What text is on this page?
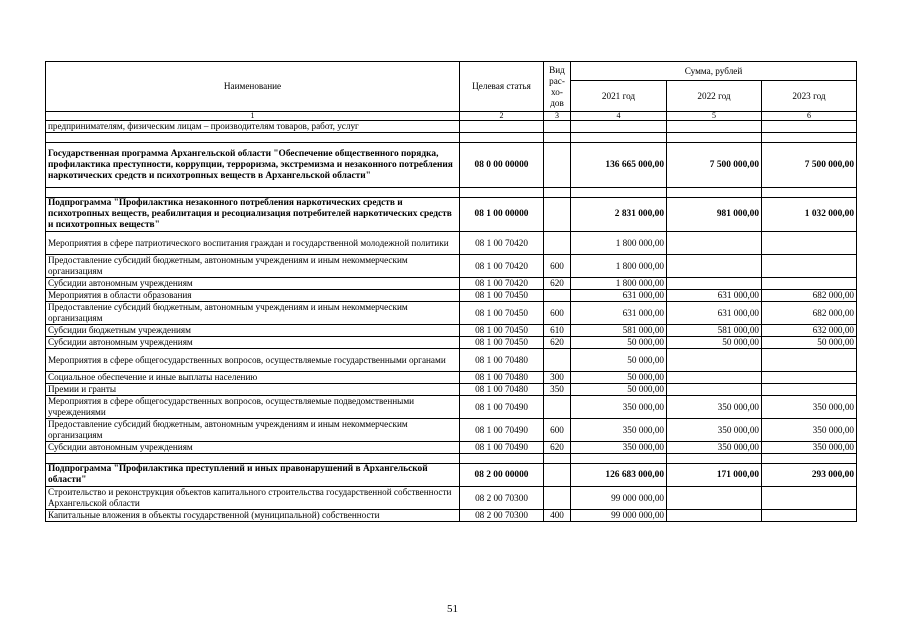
Наименование	Целевая статья	Вид рас-хо-дов	Сумма, рублей		
			2021 год	2022 год	2023 год
1	2	3	4	5	6
предпринимателям, физическим лицам – производителям товаров, работ, услуг					

Государственная программа Архангельской области "Обеспечение общественного порядка, профилактика преступности, коррупции, терроризма, экстремизма и незаконного потребления наркотических средств и психотропных веществ в Архангельской области"	08 0 00 00000		136 665 000,00	7 500 000,00	7 500 000,00

Подпрограмма "Профилактика незаконного потребления наркотических средств и психотропных веществ, реабилитация и ресоциализация потребителей наркотических средств и психотропных веществ"	08 1 00 00000		2 831 000,00	981 000,00	1 032 000,00
Мероприятия в сфере патриотического воспитания граждан и государственной молодежной политики	08 1 00 70420		1 800 000,00		
Предоставление субсидий бюджетным, автономным учреждениям и иным некоммерческим организациям	08 1 00 70420	600	1 800 000,00		
Субсидии автономным учреждениям	08 1 00 70420	620	1 800 000,00		
Мероприятия в области образования	08 1 00 70450		631 000,00	631 000,00	682 000,00
Предоставление субсидий бюджетным, автономным учреждениям и иным некоммерческим организациям	08 1 00 70450	600	631 000,00	631 000,00	682 000,00
Субсидии бюджетным учреждениям	08 1 00 70450	610	581 000,00	581 000,00	632 000,00
Субсидии автономным учреждениям	08 1 00 70450	620	50 000,00	50 000,00	50 000,00
Мероприятия в сфере общегосударственных вопросов, осуществляемые государственными органами	08 1 00 70480		50 000,00		
Социальное обеспечение и иные выплаты населению	08 1 00 70480	300	50 000,00		
Премии и гранты	08 1 00 70480	350	50 000,00		
Мероприятия в сфере общегосударственных вопросов, осуществляемые подведомственными учреждениями	08 1 00 70490		350 000,00	350 000,00	350 000,00
Предоставление субсидий бюджетным, автономным учреждениям и иным некоммерческим организациям	08 1 00 70490	600	350 000,00	350 000,00	350 000,00
Субсидии автономным учреждениям	08 1 00 70490	620	350 000,00	350 000,00	350 000,00

Подпрограмма "Профилактика преступлений и иных правонарушений в Архангельской области"	08 2 00 00000		126 683 000,00	171 000,00	293 000,00
Строительство и реконструкция объектов капитального строительства государственной собственности Архангельской области	08 2 00 70300		99 000 000,00		
Капитальные вложения в объекты государственной (муниципальной) собственности	08 2 00 70300	400	99 000 000,00		
51
